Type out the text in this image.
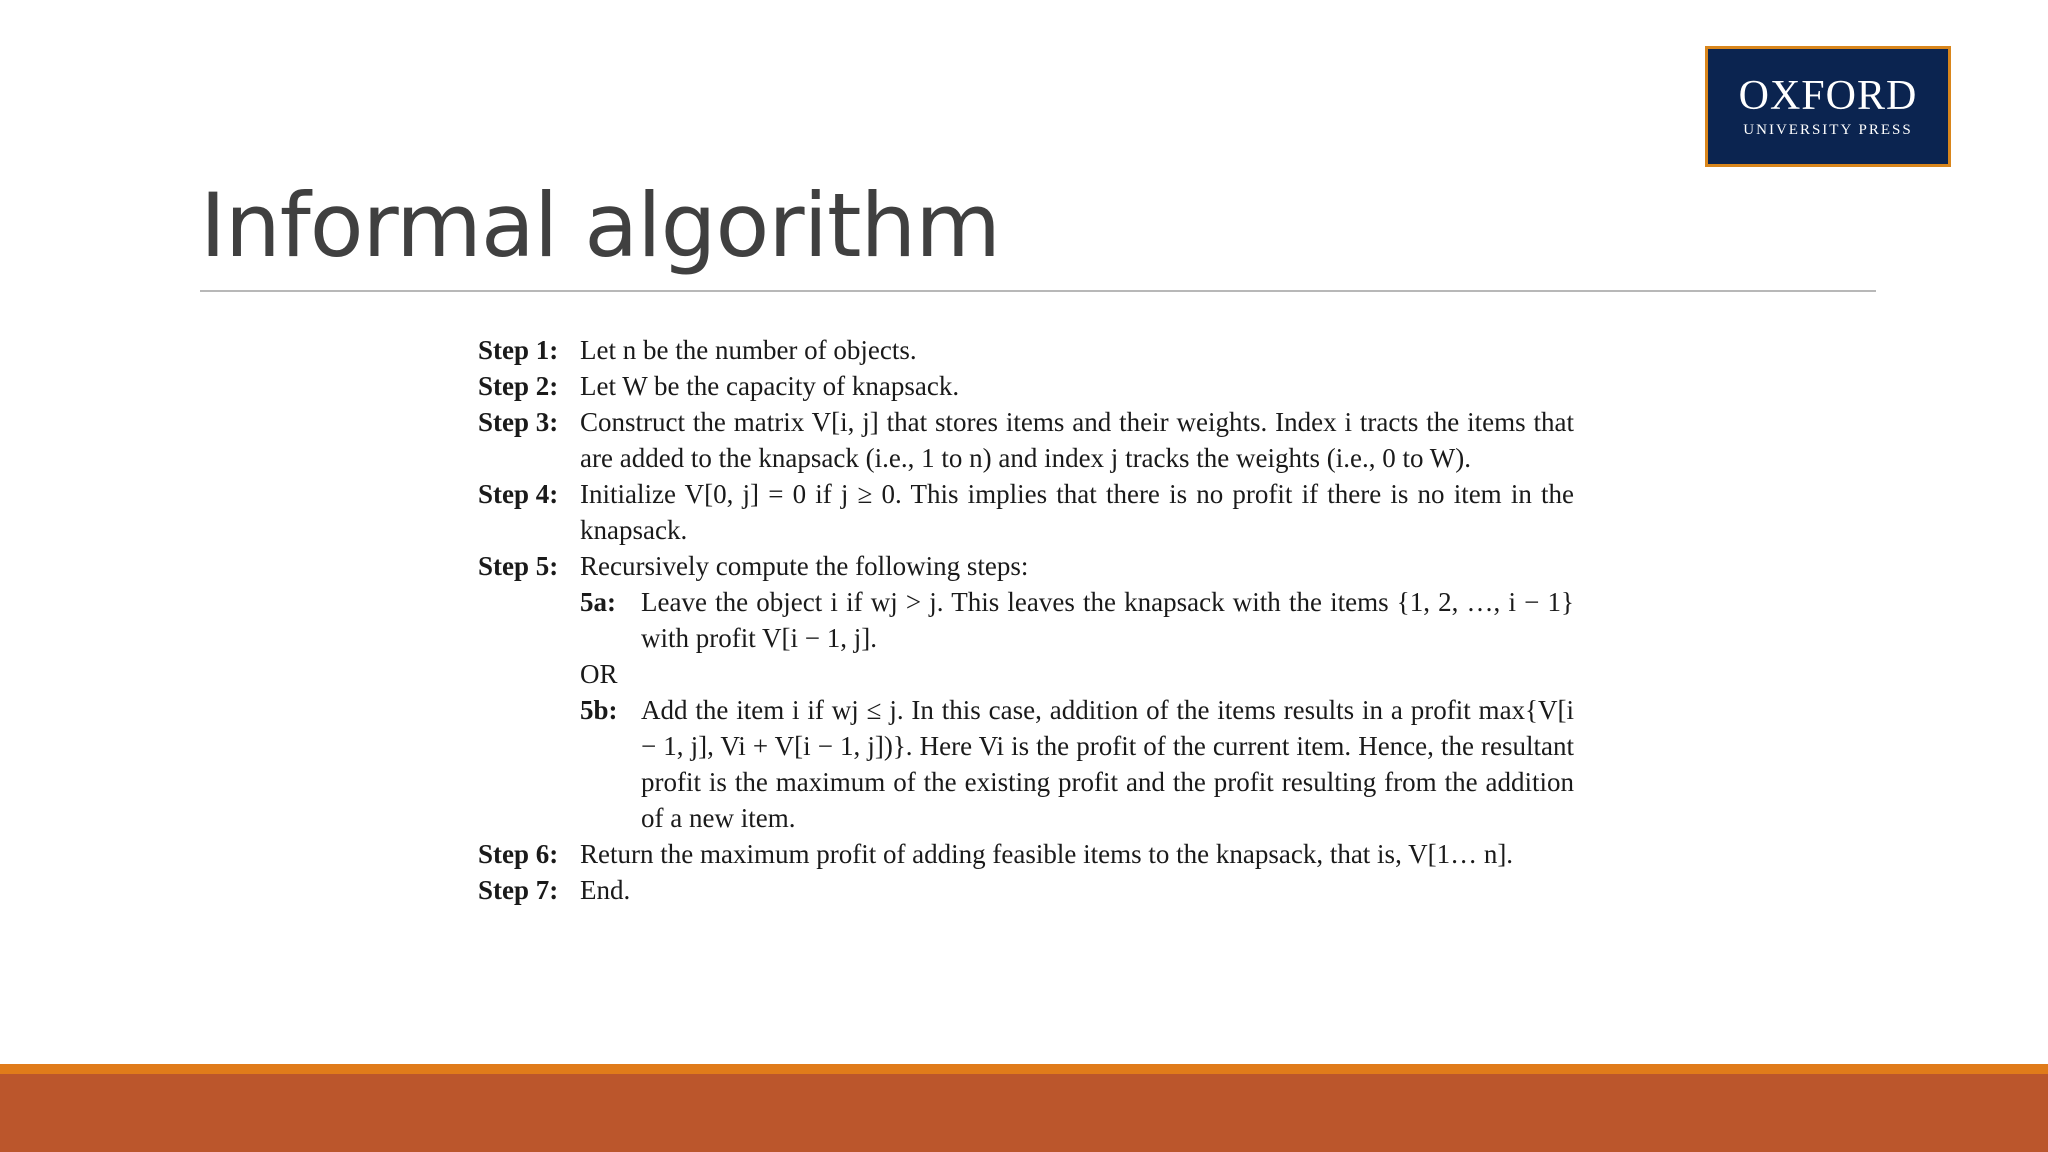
OXFORD
UNIVERSITY PRESS
Informal algorithm
Step 1: Let n be the number of objects.
Step 2: Let W be the capacity of knapsack.
Step 3: Construct the matrix V[i, j] that stores items and their weights. Index i tracts the items that are added to the knapsack (i.e., 1 to n) and index j tracks the weights (i.e., 0 to W).
Step 4: Initialize V[0, j] = 0 if j ≥ 0. This implies that there is no profit if there is no item in the knapsack.
Step 5: Recursively compute the following steps:
5a: Leave the object i if wj > j. This leaves the knapsack with the items {1, 2, …, i − 1} with profit V[i − 1, j].
OR
5b: Add the item i if wj ≤ j. In this case, addition of the items results in a profit max{V[i − 1, j], Vi + V[i − 1, j])}. Here Vi is the profit of the current item. Hence, the resultant profit is the maximum of the existing profit and the profit resulting from the addition of a new item.
Step 6: Return the maximum profit of adding feasible items to the knapsack, that is, V[1… n].
Step 7: End.
